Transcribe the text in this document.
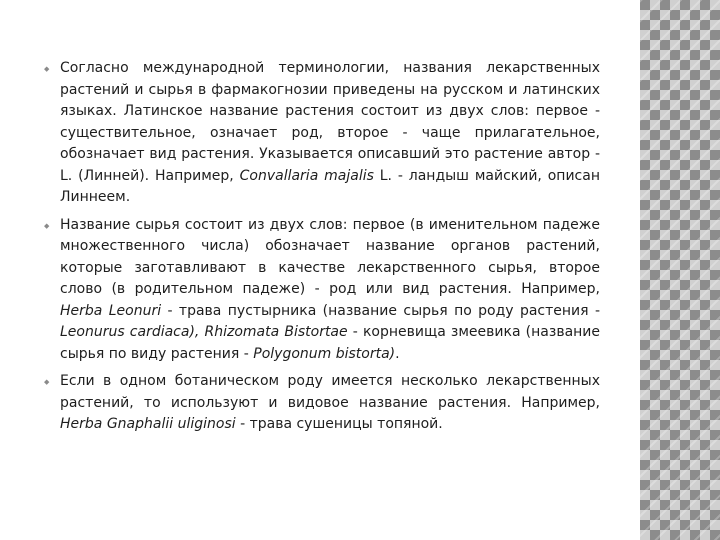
◆ Согласно международной терминологии, названия лекарственных растений и сырья в фармакогнозии приведены на русском и латинских языках. Латинское название растения состоит из двух слов: первое - существительное, означает род, второе - чаще прилагательное, обозначает вид растения. Указывается описавший это растение автор - L. (Линней). Например, Convallaria majalis L. - ландыш майский, описан Линнеем.
◆ Название сырья состоит из двух слов: первое (в именительном падеже множественного числа) обозначает название органов растений, которые заготавливают в качестве лекарственного сырья, второе слово (в родительном падеже) - род или вид растения. Например, Herba Leonuri - трава пустырника (название сырья по роду растения - Leonurus cardiaca), Rhizomata Bistortae - корневища змеевика (название сырья по виду растения - Polygonum bistorta).
◆ Если в одном ботаническом роду имеется несколько лекарственных растений, то используют и видовое название растения. Например, Herba Gnaphalii uliginosi - трава сушеницы топяной.
